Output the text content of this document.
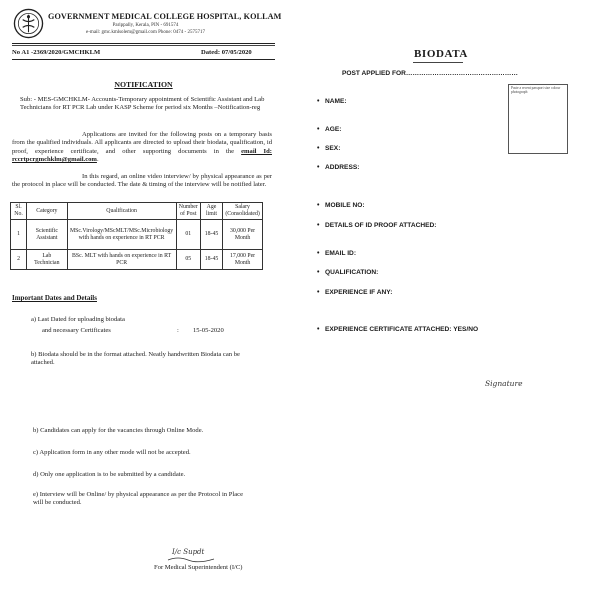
GOVERNMENT MEDICAL COLLEGE HOSPITAL, KOLLAM
Parippally, Kerala, PIN - 691574
e-mail: gmc.kmlsolem@gmail.com Phone: 0474 - 2575717
No A1 -2369/2020/GMCHKLM	Dated: 07/05/2020
NOTIFICATION
Sub: - MES-GMCHKLM- Accounts-Temporary appointment of Scientific Assistant and Lab Technicians for RT PCR Lab under KASP Scheme for period six Months –Notification-reg
Applications are invited for the following posts on a temporary basis from the qualified individuals. All applicants are directed to upload their biodata, qualification, id proof, experience certificate, and other supporting documents in the email Id: rccrtpcrgmchklm@gmail.com.
In this regard, an online video interview/ by physical appearance as per the protocol in place will be conducted. The date & timing of the interview will be notified later.
Sl. No.	Category	Qualification	Number of Post	Age limit	Salary (Consolidated)
1	Scientific Assistant	MSc.Virology/MScMLT/MSc.Microbiology with hands on experience in RT PCR	01	18-45	30,000 Per Month
2	Lab Technician	BSc. MLT with hands on experience in RT PCR	05	18-45	17,000 Per Month
Important Dates and Details
a) Last Dated for uploading biodata
and necessary Certificates	: 15-05-2020
b) Biodata should be in the format attached. Neatly handwritten Biodata can be attached.
b) Candidates can apply for the vacancies through Online Mode.
c) Application form in any other mode will not be accepted.
d) Only one application is to be submitted by a candidate.
e) Interview will be Online/ by physical appearance as per the Protocol in Place will be conducted.
I/c Supdt
For Medical Superintendent (I/C)
BIODATA
POST APPLIED FOR……………………………………………
Paste a recent passport size colour photograph
• NAME:
• AGE:
• SEX:
• ADDRESS:
• MOBILE NO:
• DETAILS OF ID PROOF ATTACHED:
• EMAIL ID:
• QUALIFICATION:
• EXPERIENCE IF ANY:
• EXPERIENCE CERTIFICATE ATTACHED: YES/NO
Signature
